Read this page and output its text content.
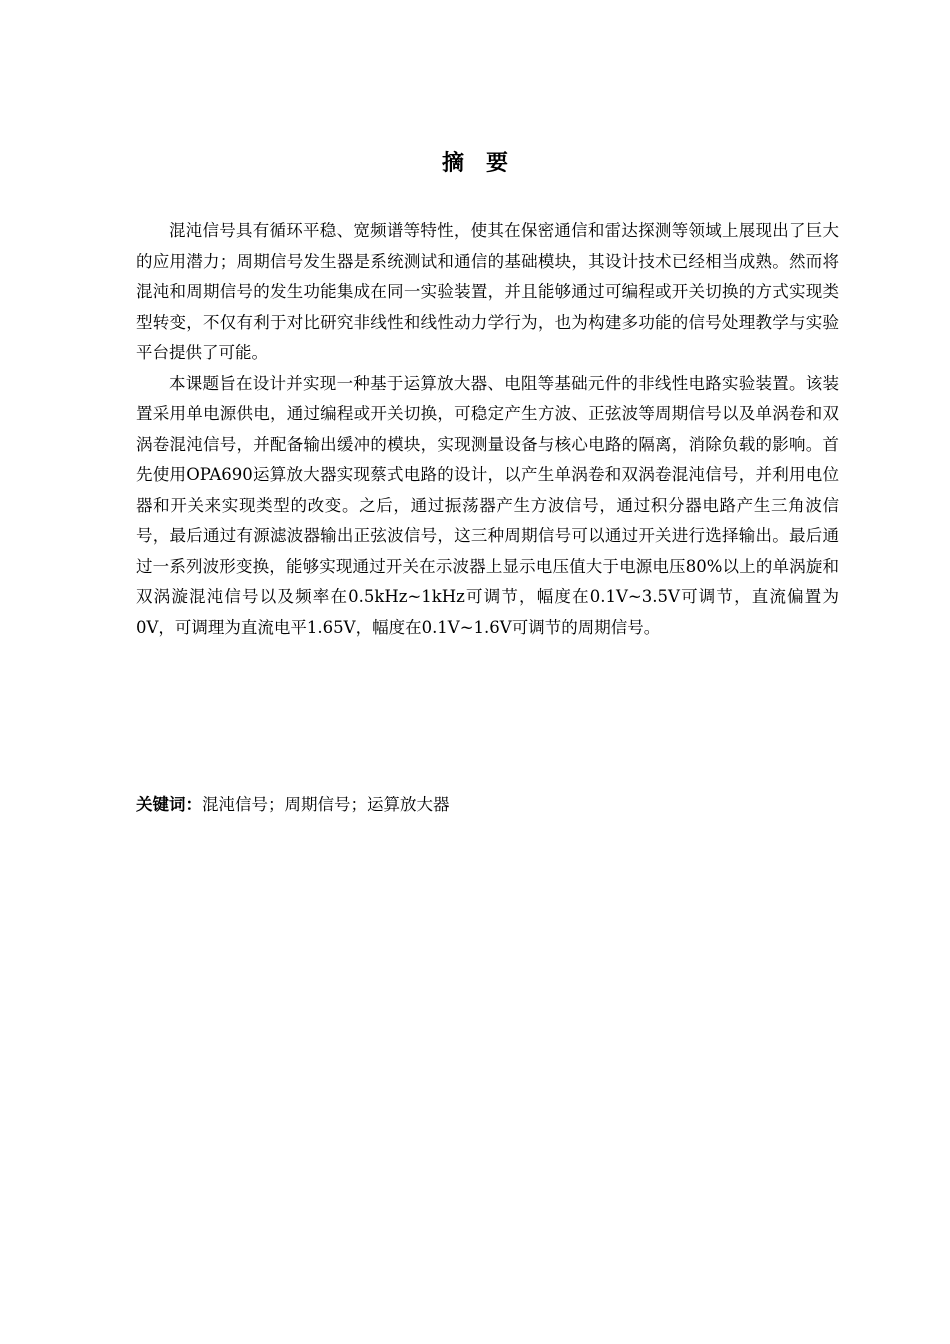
摘　要

混沌信号具有循环平稳、宽频谱等特性，使其在保密通信和雷达探测等领域上展现出了巨大的应用潜力；周期信号发生器是系统测试和通信的基础模块，其设计技术已经相当成熟。然而将混沌和周期信号的发生功能集成在同一实验装置，并且能够通过可编程或开关切换的方式实现类型转变，不仅有利于对比研究非线性和线性动力学行为，也为构建多功能的信号处理教学与实验平台提供了可能。

本课题旨在设计并实现一种基于运算放大器、电阻等基础元件的非线性电路实验装置。该装置采用单电源供电，通过编程或开关切换，可稳定产生方波、正弦波等周期信号以及单涡卷和双涡卷混沌信号，并配备输出缓冲的模块，实现测量设备与核心电路的隔离，消除负载的影响。首先使用OPA690运算放大器实现蔡式电路的设计，以产生单涡卷和双涡卷混沌信号，并利用电位器和开关来实现类型的改变。之后，通过振荡器产生方波信号，通过积分器电路产生三角波信号，最后通过有源滤波器输出正弦波信号，这三种周期信号可以通过开关进行选择输出。最后通过一系列波形变换，能够实现通过开关在示波器上显示电压值大于电源电压80%以上的单涡旋和双涡漩混沌信号以及频率在0.5kHz~1kHz可调节，幅度在0.1V~3.5V可调节，直流偏置为0V，可调理为直流电平1.65V，幅度在0.1V~1.6V可调节的周期信号。

关键词：混沌信号；周期信号；运算放大器
